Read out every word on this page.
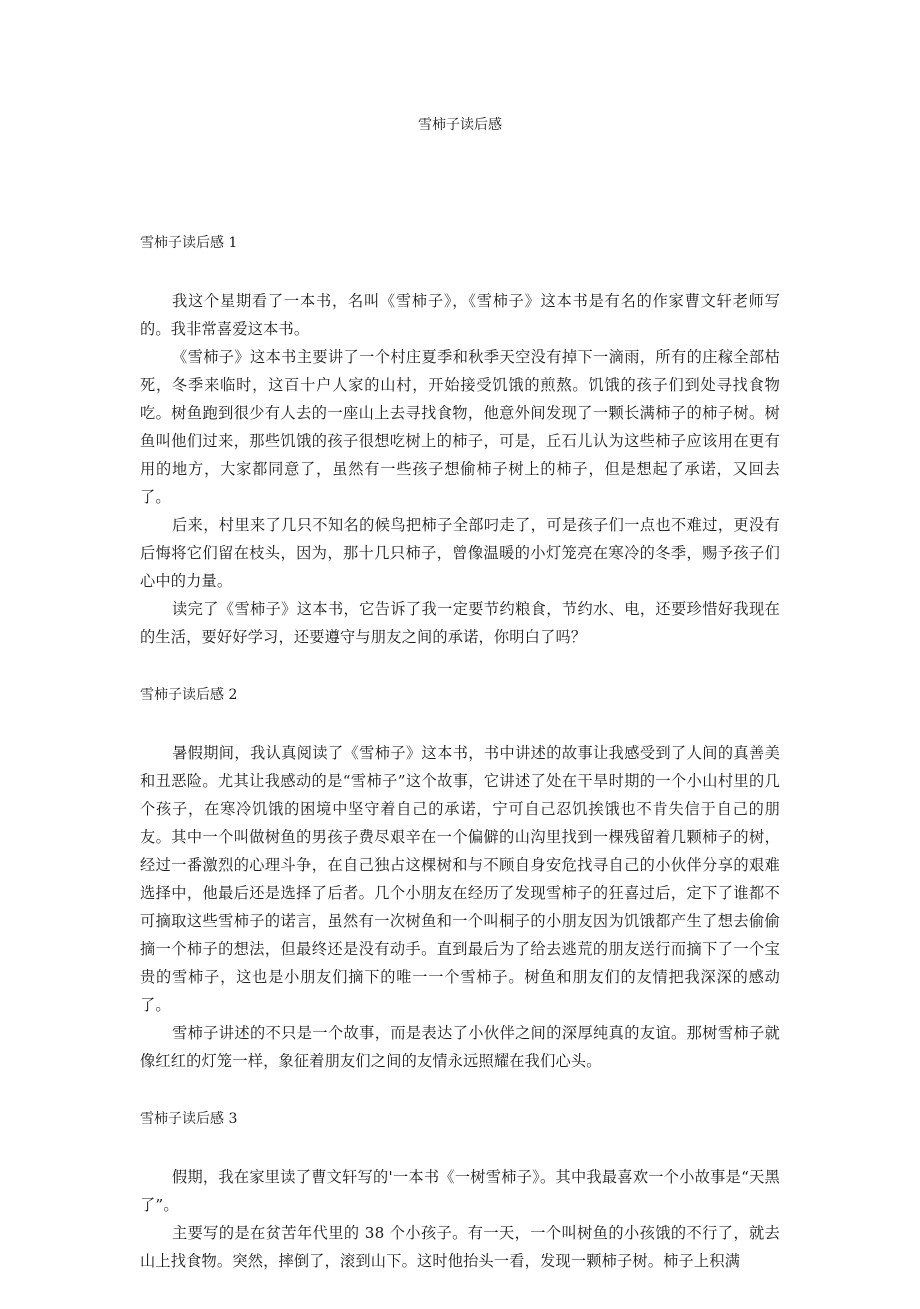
雪柿子读后感

雪柿子读后感 1

我这个星期看了一本书，名叫《雪柿子》，《雪柿子》这本书是有名的作家曹文轩老师写的。我非常喜爱这本书。

《雪柿子》这本书主要讲了一个村庄夏季和秋季天空没有掉下一滴雨，所有的庄稼全部枯死，冬季来临时，这百十户人家的山村，开始接受饥饿的煎熬。饥饿的孩子们到处寻找食物吃。树鱼跑到很少有人去的一座山上去寻找食物，他意外间发现了一颗长满柿子的柿子树。树鱼叫他们过来，那些饥饿的孩子很想吃树上的柿子，可是，丘石儿认为这些柿子应该用在更有用的地方，大家都同意了，虽然有一些孩子想偷柿子树上的柿子，但是想起了承诺，又回去了。

后来，村里来了几只不知名的候鸟把柿子全部叼走了，可是孩子们一点也不难过，更没有后悔将它们留在枝头，因为，那十几只柿子，曾像温暖的小灯笼亮在寒冷的冬季，赐予孩子们心中的力量。

读完了《雪柿子》这本书，它告诉了我一定要节约粮食，节约水、电，还要珍惜好我现在的生活，要好好学习，还要遵守与朋友之间的承诺，你明白了吗？

雪柿子读后感 2

暑假期间，我认真阅读了《雪柿子》这本书，书中讲述的故事让我感受到了人间的真善美和丑恶险。尤其让我感动的是“雪柿子”这个故事，它讲述了处在干旱时期的一个小山村里的几个孩子，在寒冷饥饿的困境中坚守着自己的承诺，宁可自己忍饥挨饿也不肯失信于自己的朋友。其中一个叫做树鱼的男孩子费尽艰辛在一个偏僻的山沟里找到一棵残留着几颗柿子的树，经过一番激烈的心理斗争，在自己独占这棵树和与不顾自身安危找寻自己的小伙伴分享的艰难选择中，他最后还是选择了后者。几个小朋友在经历了发现雪柿子的狂喜过后，定下了谁都不可摘取这些雪柿子的诺言，虽然有一次树鱼和一个叫桐子的小朋友因为饥饿都产生了想去偷偷摘一个柿子的想法，但最终还是没有动手。直到最后为了给去逃荒的朋友送行而摘下了一个宝贵的雪柿子，这也是小朋友们摘下的唯一一个雪柿子。树鱼和朋友们的友情把我深深的感动了。

雪柿子讲述的不只是一个故事，而是表达了小伙伴之间的深厚纯真的友谊。那树雪柿子就像红红的灯笼一样，象征着朋友们之间的友情永远照耀在我们心头。

雪柿子读后感 3

假期，我在家里读了曹文轩写的'一本书《一树雪柿子》。其中我最喜欢一个小故事是“天黑了”。

主要写的是在贫苦年代里的 38 个小孩子。有一天，一个叫树鱼的小孩饿的不行了，就去山上找食物。突然，摔倒了，滚到山下。这时他抬头一看，发现一颗柿子树。柿子上积满
